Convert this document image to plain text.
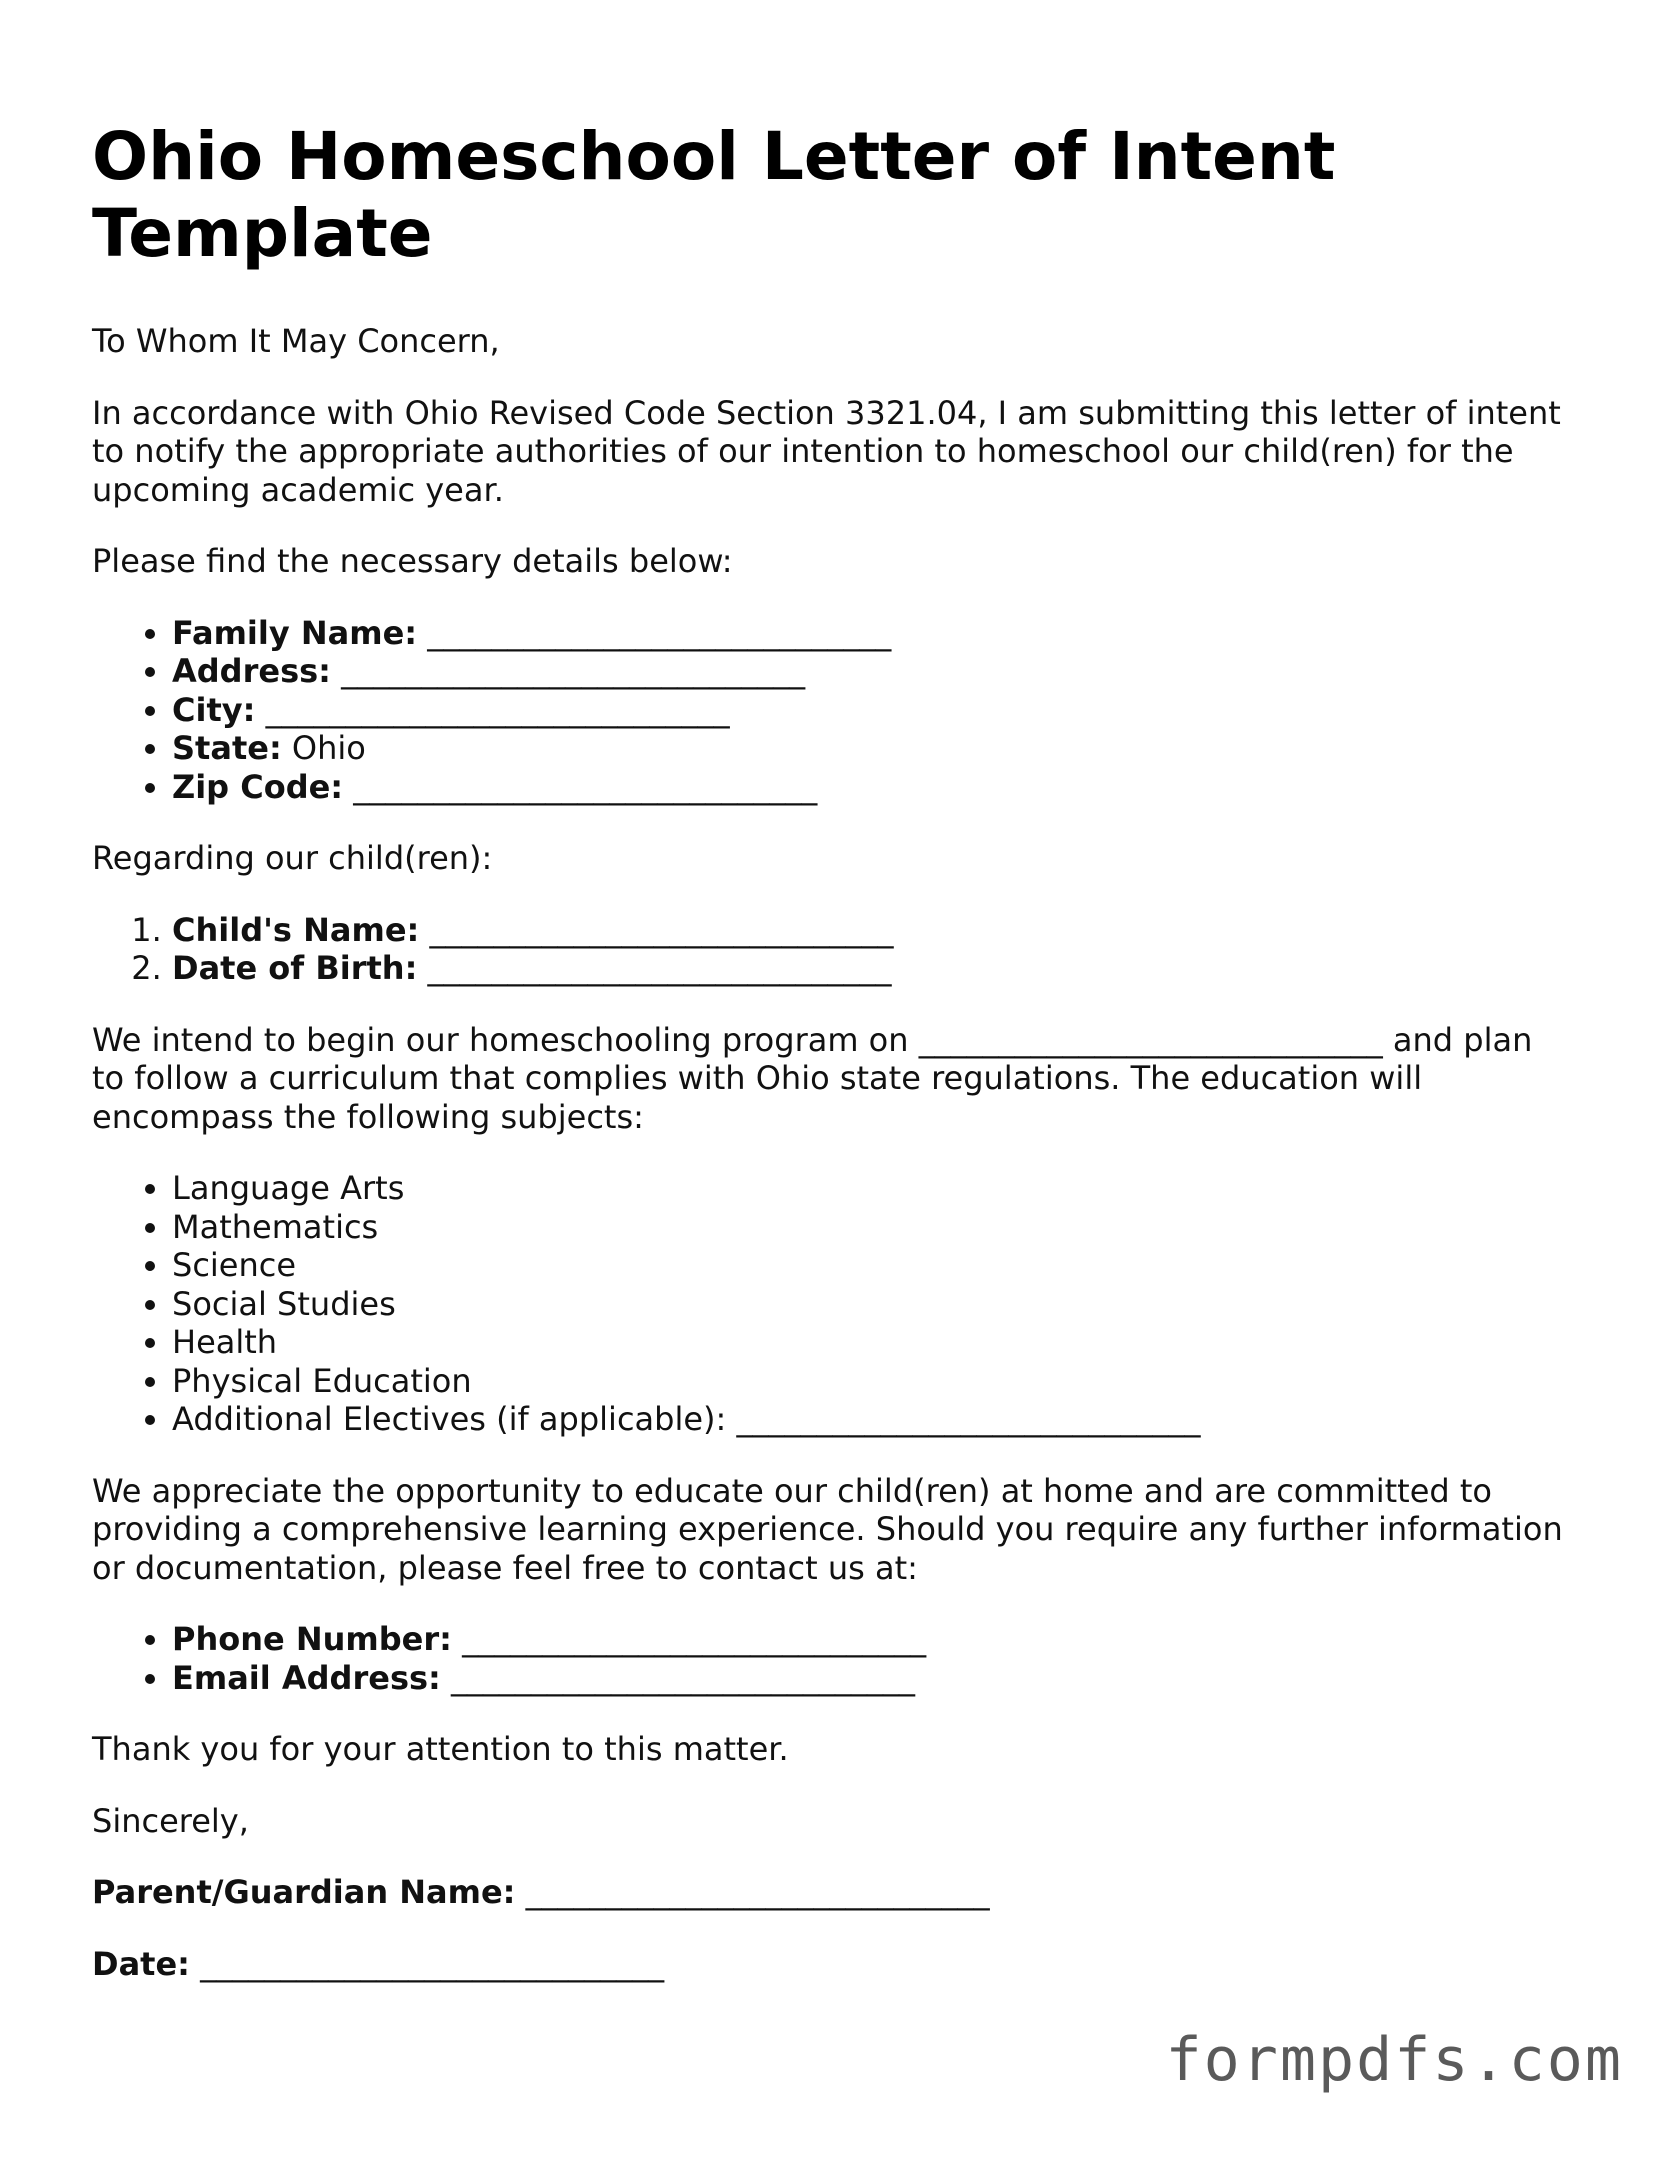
Ohio Homeschool Letter of Intent Template

To Whom It May Concern,

In accordance with Ohio Revised Code Section 3321.04, I am submitting this letter of intent to notify the appropriate authorities of our intention to homeschool our child(ren) for the upcoming academic year.

Please find the necessary details below:

• Family Name: _____________________________
• Address: _____________________________
• City: _____________________________
• State: Ohio
• Zip Code: _____________________________

Regarding our child(ren):

1. Child's Name: _____________________________
2. Date of Birth: _____________________________

We intend to begin our homeschooling program on _____________________________ and plan to follow a curriculum that complies with Ohio state regulations. The education will encompass the following subjects:

• Language Arts
• Mathematics
• Science
• Social Studies
• Health
• Physical Education
• Additional Electives (if applicable): _____________________________

We appreciate the opportunity to educate our child(ren) at home and are committed to providing a comprehensive learning experience. Should you require any further information or documentation, please feel free to contact us at:

• Phone Number: _____________________________
• Email Address: _____________________________

Thank you for your attention to this matter.

Sincerely,

Parent/Guardian Name: _____________________________

Date: _____________________________

formpdfs.com
